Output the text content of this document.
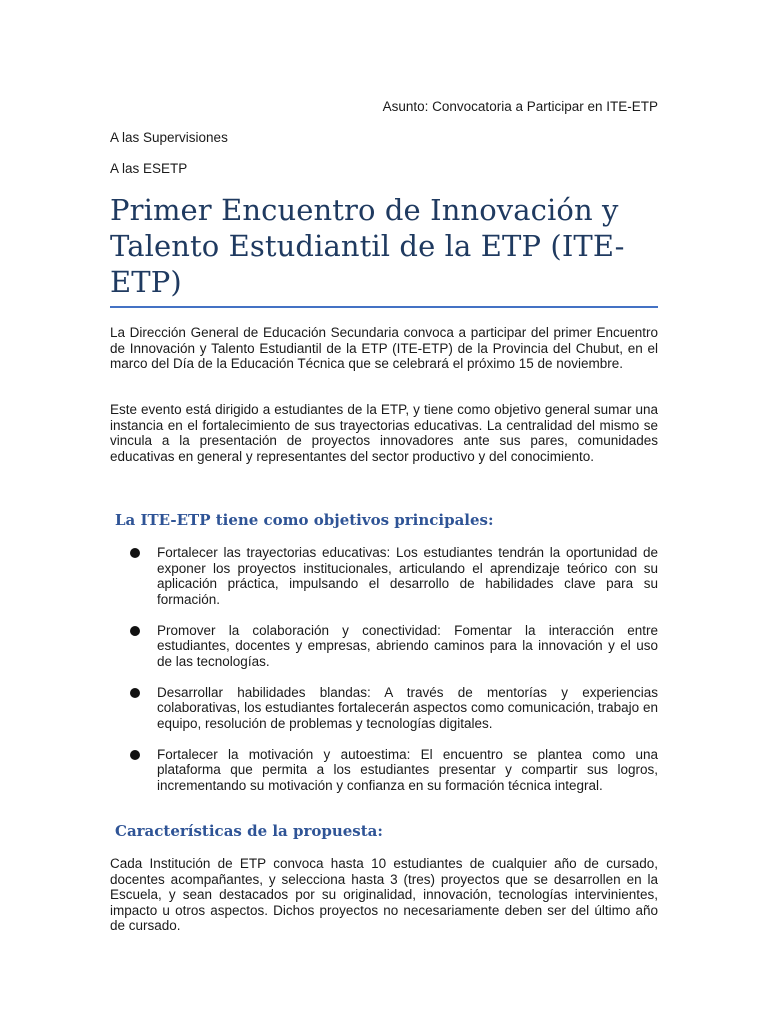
Asunto: Convocatoria a Participar en ITE-ETP
A las Supervisiones
A las ESETP
Primer Encuentro de Innovación y Talento Estudiantil de la ETP (ITE-ETP)

La Dirección General de Educación Secundaria convoca a participar del primer Encuentro de Innovación y Talento Estudiantil de la ETP (ITE-ETP) de la Provincia del Chubut, en el marco del Día de la Educación Técnica que se celebrará el próximo 15 de noviembre.

Este evento está dirigido a estudiantes de la ETP, y tiene como objetivo general sumar una instancia en el fortalecimiento de sus trayectorias educativas. La centralidad del mismo se vincula a la presentación de proyectos innovadores ante sus pares, comunidades educativas en general y representantes del sector productivo y del conocimiento.

La ITE-ETP tiene como objetivos principales:
Fortalecer las trayectorias educativas: Los estudiantes tendrán la oportunidad de exponer los proyectos institucionales, articulando el aprendizaje teórico con su aplicación práctica, impulsando el desarrollo de habilidades clave para su formación.
Promover la colaboración y conectividad: Fomentar la interacción entre estudiantes, docentes y empresas, abriendo caminos para la innovación y el uso de las tecnologías.
Desarrollar habilidades blandas: A través de mentorías y experiencias colaborativas, los estudiantes fortalecerán aspectos como comunicación, trabajo en equipo, resolución de problemas y tecnologías digitales.
Fortalecer la motivación y autoestima: El encuentro se plantea como una plataforma que permita a los estudiantes presentar y compartir sus logros, incrementando su motivación y confianza en su formación técnica integral.
Características de la propuesta:

Cada Institución de ETP convoca hasta 10 estudiantes de cualquier año de cursado, docentes acompañantes, y selecciona hasta 3 (tres) proyectos que se desarrollen en la Escuela, y sean destacados por su originalidad, innovación, tecnologías intervinientes, impacto u otros aspectos. Dichos proyectos no necesariamente deben ser del último año de cursado.
